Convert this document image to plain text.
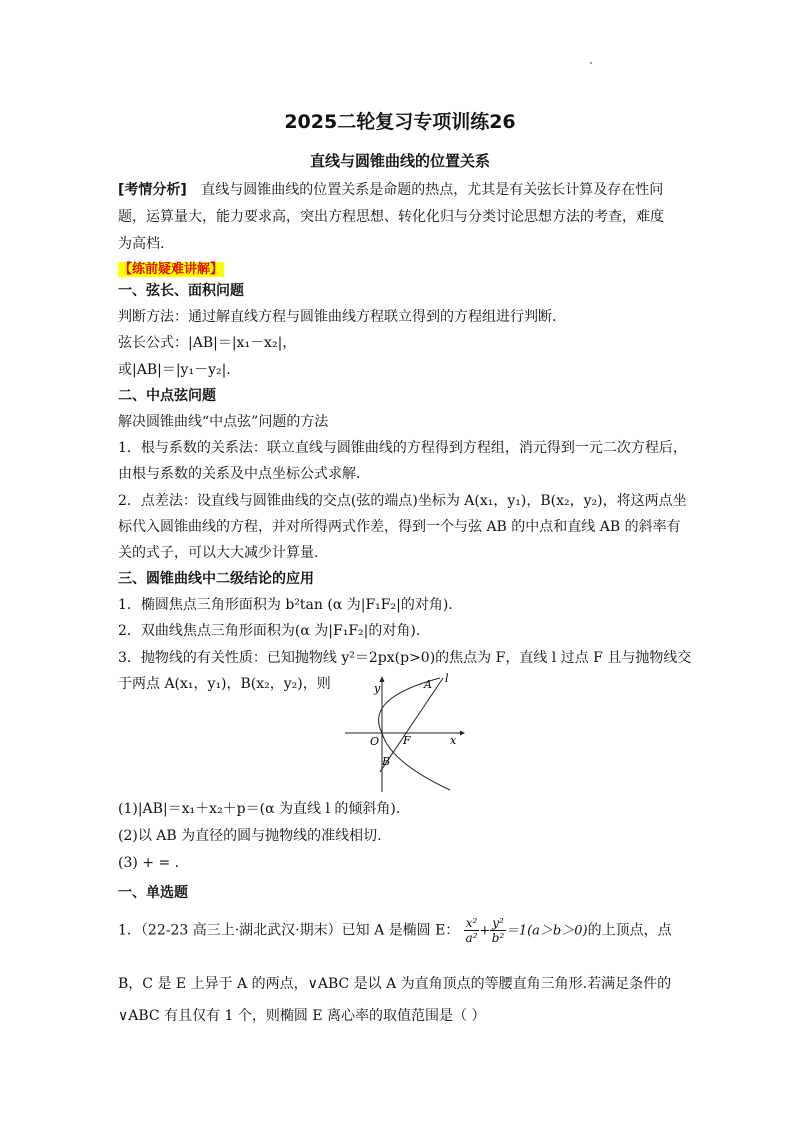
2025二轮复习专项训练26
直线与圆锥曲线的位置关系
[考情分析] 直线与圆锥曲线的位置关系是命题的热点，尤其是有关弦长计算及存在性问
题，运算量大，能力要求高，突出方程思想、转化化归与分类讨论思想方法的考查，难度
为高档.
【练前疑难讲解】
一、弦长、面积问题
判断方法：通过解直线方程与圆锥曲线方程联立得到的方程组进行判断.
弦长公式：|AB|＝|x₁－x₂|，
或|AB|＝|y₁－y₂|.
二、中点弦问题
解决圆锥曲线“中点弦”问题的方法
1．根与系数的关系法：联立直线与圆锥曲线的方程得到方程组，消元得到一元二次方程后，
由根与系数的关系及中点坐标公式求解.
2．点差法：设直线与圆锥曲线的交点(弦的端点)坐标为 A(x₁，y₁)，B(x₂，y₂)，将这两点坐
标代入圆锥曲线的方程，并对所得两式作差，得到一个与弦 AB 的中点和直线 AB 的斜率有
关的式子，可以大大减少计算量.
三、圆锥曲线中二级结论的应用
1．椭圆焦点三角形面积为 b²tan (α 为|F₁F₂|的对角).
2．双曲线焦点三角形面积为(α 为|F₁F₂|的对角).
3．抛物线的有关性质：已知抛物线 y²＝2px(p>0)的焦点为 F，直线 l 过点 F 且与抛物线交
于两点 A(x₁，y₁)，B(x₂，y₂)，则	y
x
O F
A
B
l
(1)|AB|＝x₁＋x₂＋p＝(α 为直线 l 的倾斜角).
(2)以 AB 为直径的圆与抛物线的准线相切.
(3) + = .
一、单选题
1．（22-23 高三上·湖北武汉·期末）已知 A 是椭圆 E： $\frac{\text{x²}}{\text{a²}} + \frac{\text{y²}}{\text{b²}} =1(a>b>0)$的上顶点，点
B，C 是 E 上异于 A 的两点，∨ABC 是以 A 为直角顶点的等腰直角三角形.若满足条件的
∨ABC 有且仅有 1 个，则椭圆 E 离心率的取值范围是（ ）
